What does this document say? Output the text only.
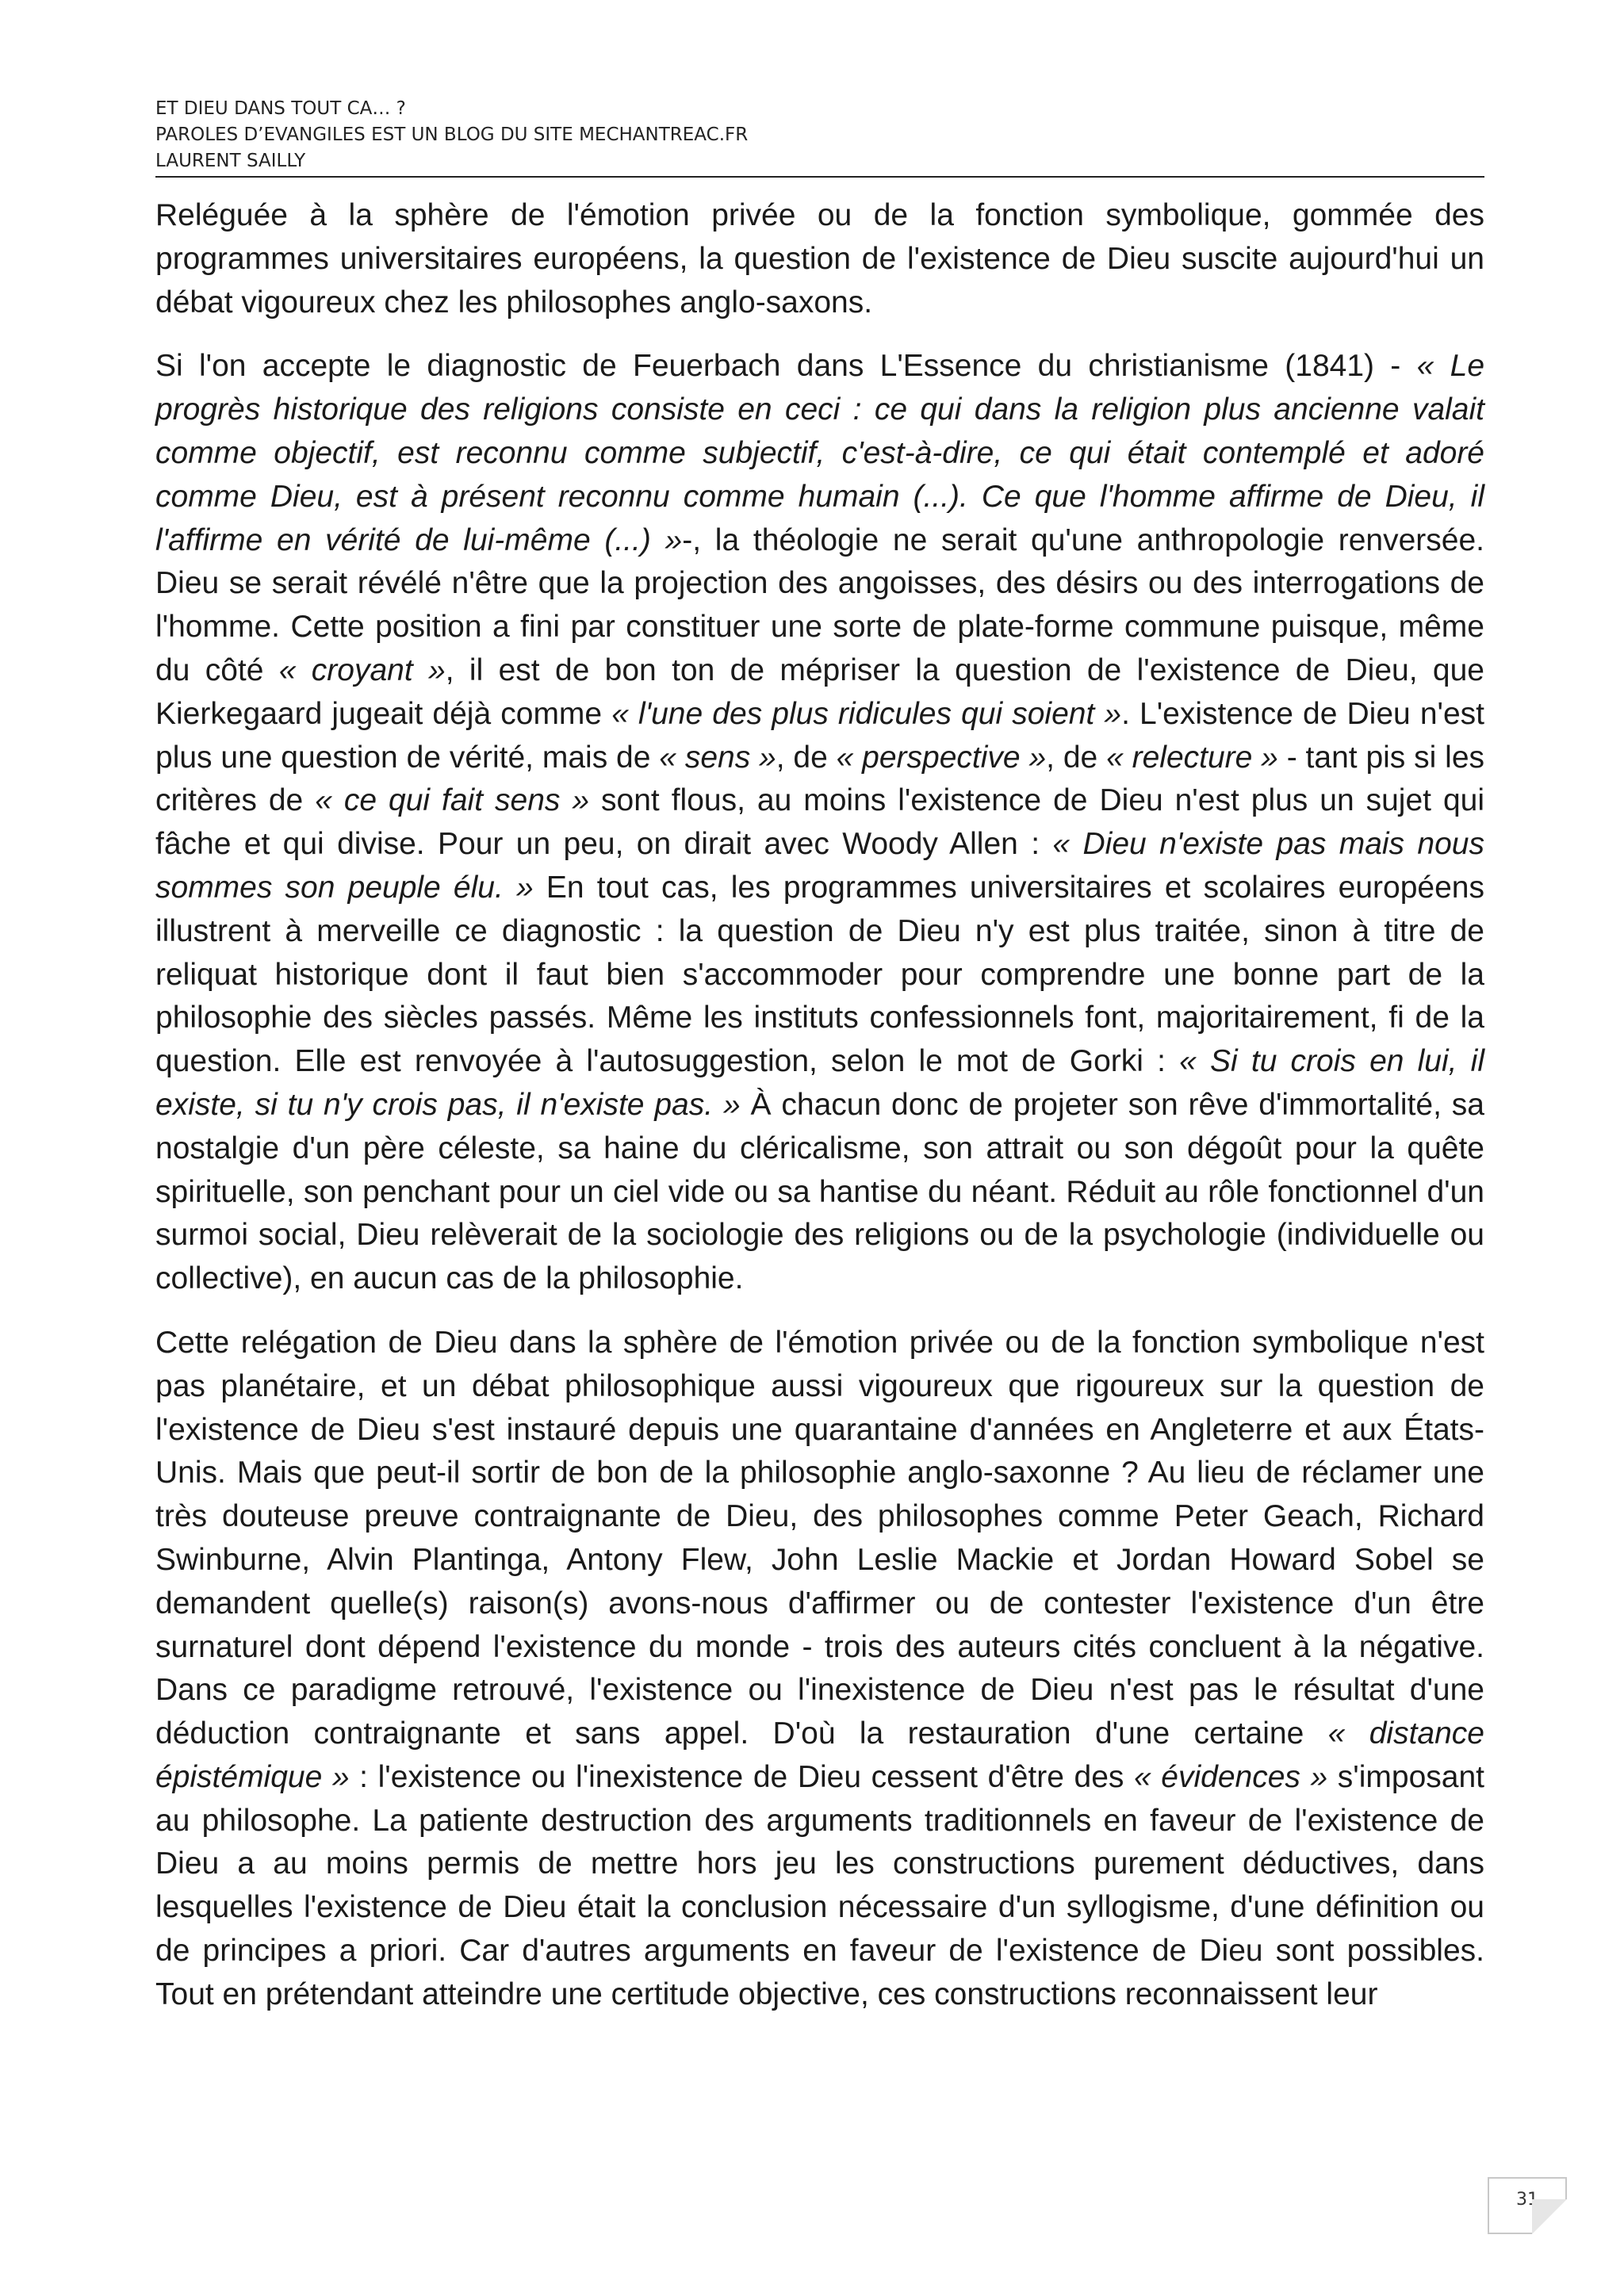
ET DIEU DANS TOUT CA… ?
PAROLES D’EVANGILES EST UN BLOG DU SITE MECHANTREAC.FR
LAURENT SAILLY

Reléguée à la sphère de l'émotion privée ou de la fonction symbolique, gommée des programmes universitaires européens, la question de l'existence de Dieu suscite aujourd'hui un débat vigoureux chez les philosophes anglo-saxons.

Si l'on accepte le diagnostic de Feuerbach dans L'Essence du christianisme (1841) - « Le progrès historique des religions consiste en ceci : ce qui dans la religion plus ancienne valait comme objectif, est reconnu comme subjectif, c'est-à-dire, ce qui était contemplé et adoré comme Dieu, est à présent reconnu comme humain (...). Ce que l'homme affirme de Dieu, il l'affirme en vérité de lui-même (...) »-, la théologie ne serait qu'une anthropologie renversée. Dieu se serait révélé n'être que la projection des angoisses, des désirs ou des interrogations de l'homme. Cette position a fini par constituer une sorte de plate-forme commune puisque, même du côté « croyant », il est de bon ton de mépriser la question de l'existence de Dieu, que Kierkegaard jugeait déjà comme « l'une des plus ridicules qui soient ». L'existence de Dieu n'est plus une question de vérité, mais de « sens », de « perspective », de « relecture » - tant pis si les critères de « ce qui fait sens » sont flous, au moins l'existence de Dieu n'est plus un sujet qui fâche et qui divise. Pour un peu, on dirait avec Woody Allen : « Dieu n'existe pas mais nous sommes son peuple élu. » En tout cas, les programmes universitaires et scolaires européens illustrent à merveille ce diagnostic : la question de Dieu n'y est plus traitée, sinon à titre de reliquat historique dont il faut bien s'accommoder pour comprendre une bonne part de la philosophie des siècles passés. Même les instituts confessionnels font, majoritairement, fi de la question. Elle est renvoyée à l'autosuggestion, selon le mot de Gorki : « Si tu crois en lui, il existe, si tu n'y crois pas, il n'existe pas. » À chacun donc de projeter son rêve d'immortalité, sa nostalgie d'un père céleste, sa haine du cléricalisme, son attrait ou son dégoût pour la quête spirituelle, son penchant pour un ciel vide ou sa hantise du néant. Réduit au rôle fonctionnel d'un surmoi social, Dieu relèverait de la sociologie des religions ou de la psychologie (individuelle ou collective), en aucun cas de la philosophie.

Cette relégation de Dieu dans la sphère de l'émotion privée ou de la fonction symbolique n'est pas planétaire, et un débat philosophique aussi vigoureux que rigoureux sur la question de l'existence de Dieu s'est instauré depuis une quarantaine d'années en Angleterre et aux États-Unis. Mais que peut-il sortir de bon de la philosophie anglo-saxonne ? Au lieu de réclamer une très douteuse preuve contraignante de Dieu, des philosophes comme Peter Geach, Richard Swinburne, Alvin Plantinga, Antony Flew, John Leslie Mackie et Jordan Howard Sobel se demandent quelle(s) raison(s) avons-nous d'affirmer ou de contester l'existence d'un être surnaturel dont dépend l'existence du monde - trois des auteurs cités concluent à la négative. Dans ce paradigme retrouvé, l'existence ou l'inexistence de Dieu n'est pas le résultat d'une déduction contraignante et sans appel. D'où la restauration d'une certaine « distance épistémique » : l'existence ou l'inexistence de Dieu cessent d'être des « évidences » s'imposant au philosophe. La patiente destruction des arguments traditionnels en faveur de l'existence de Dieu a au moins permis de mettre hors jeu les constructions purement déductives, dans lesquelles l'existence de Dieu était la conclusion nécessaire d'un syllogisme, d'une définition ou de principes a priori. Car d'autres arguments en faveur de l'existence de Dieu sont possibles. Tout en prétendant atteindre une certitude objective, ces constructions reconnaissent leur

31
